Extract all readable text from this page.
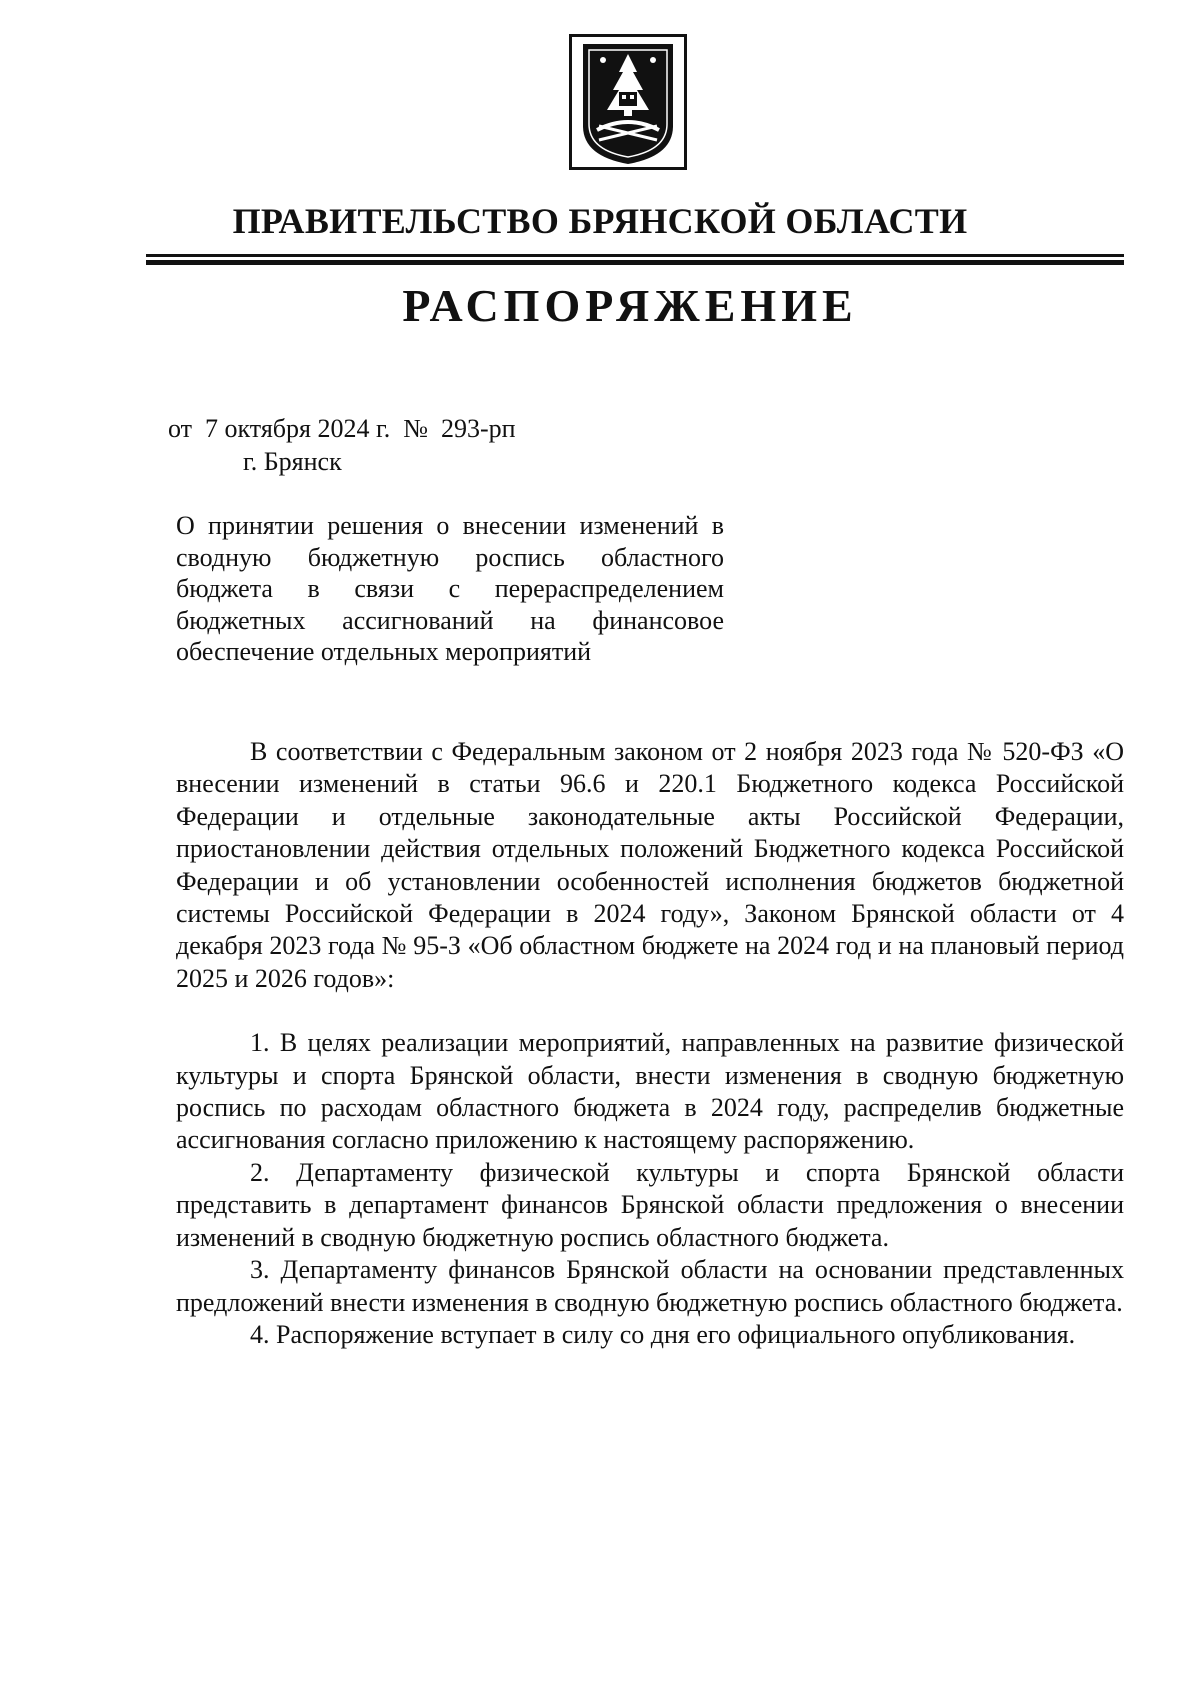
ПРАВИТЕЛЬСТВО БРЯНСКОЙ ОБЛАСТИ
РАСПОРЯЖЕНИЕ
от  7 октября 2024 г.  №  293-рп
г. Брянск
О принятии решения о внесении изменений в сводную бюджетную роспись областного бюджета в связи с перераспределением бюджетных ассигнований на финансовое обеспечение отдельных мероприятий

В соответствии с Федеральным законом от 2 ноября 2023 года № 520-ФЗ «О внесении изменений в статьи 96.6 и 220.1 Бюджетного кодекса Российской Федерации и отдельные законодательные акты Российской Федерации, приостановлении действия отдельных положений Бюджетного кодекса Российской Федерации и об установлении особенностей исполнения бюджетов бюджетной системы Российской Федерации в 2024 году», Законом Брянской области от 4 декабря 2023 года № 95-З «Об областном бюджете на 2024 год и на плановый период 2025 и 2026 годов»:

1. В целях реализации мероприятий, направленных на развитие физической культуры и спорта Брянской области, внести изменения в сводную бюджетную роспись по расходам областного бюджета в 2024 году, распределив бюджетные ассигнования согласно приложению к настоящему распоряжению.

2. Департаменту физической культуры и спорта Брянской области представить в департамент финансов Брянской области предложения о внесении изменений в сводную бюджетную роспись областного бюджета.

3. Департаменту финансов Брянской области на основании представленных предложений внести изменения в сводную бюджетную роспись областного бюджета.

4. Распоряжение вступает в силу со дня его официального опубликования.
